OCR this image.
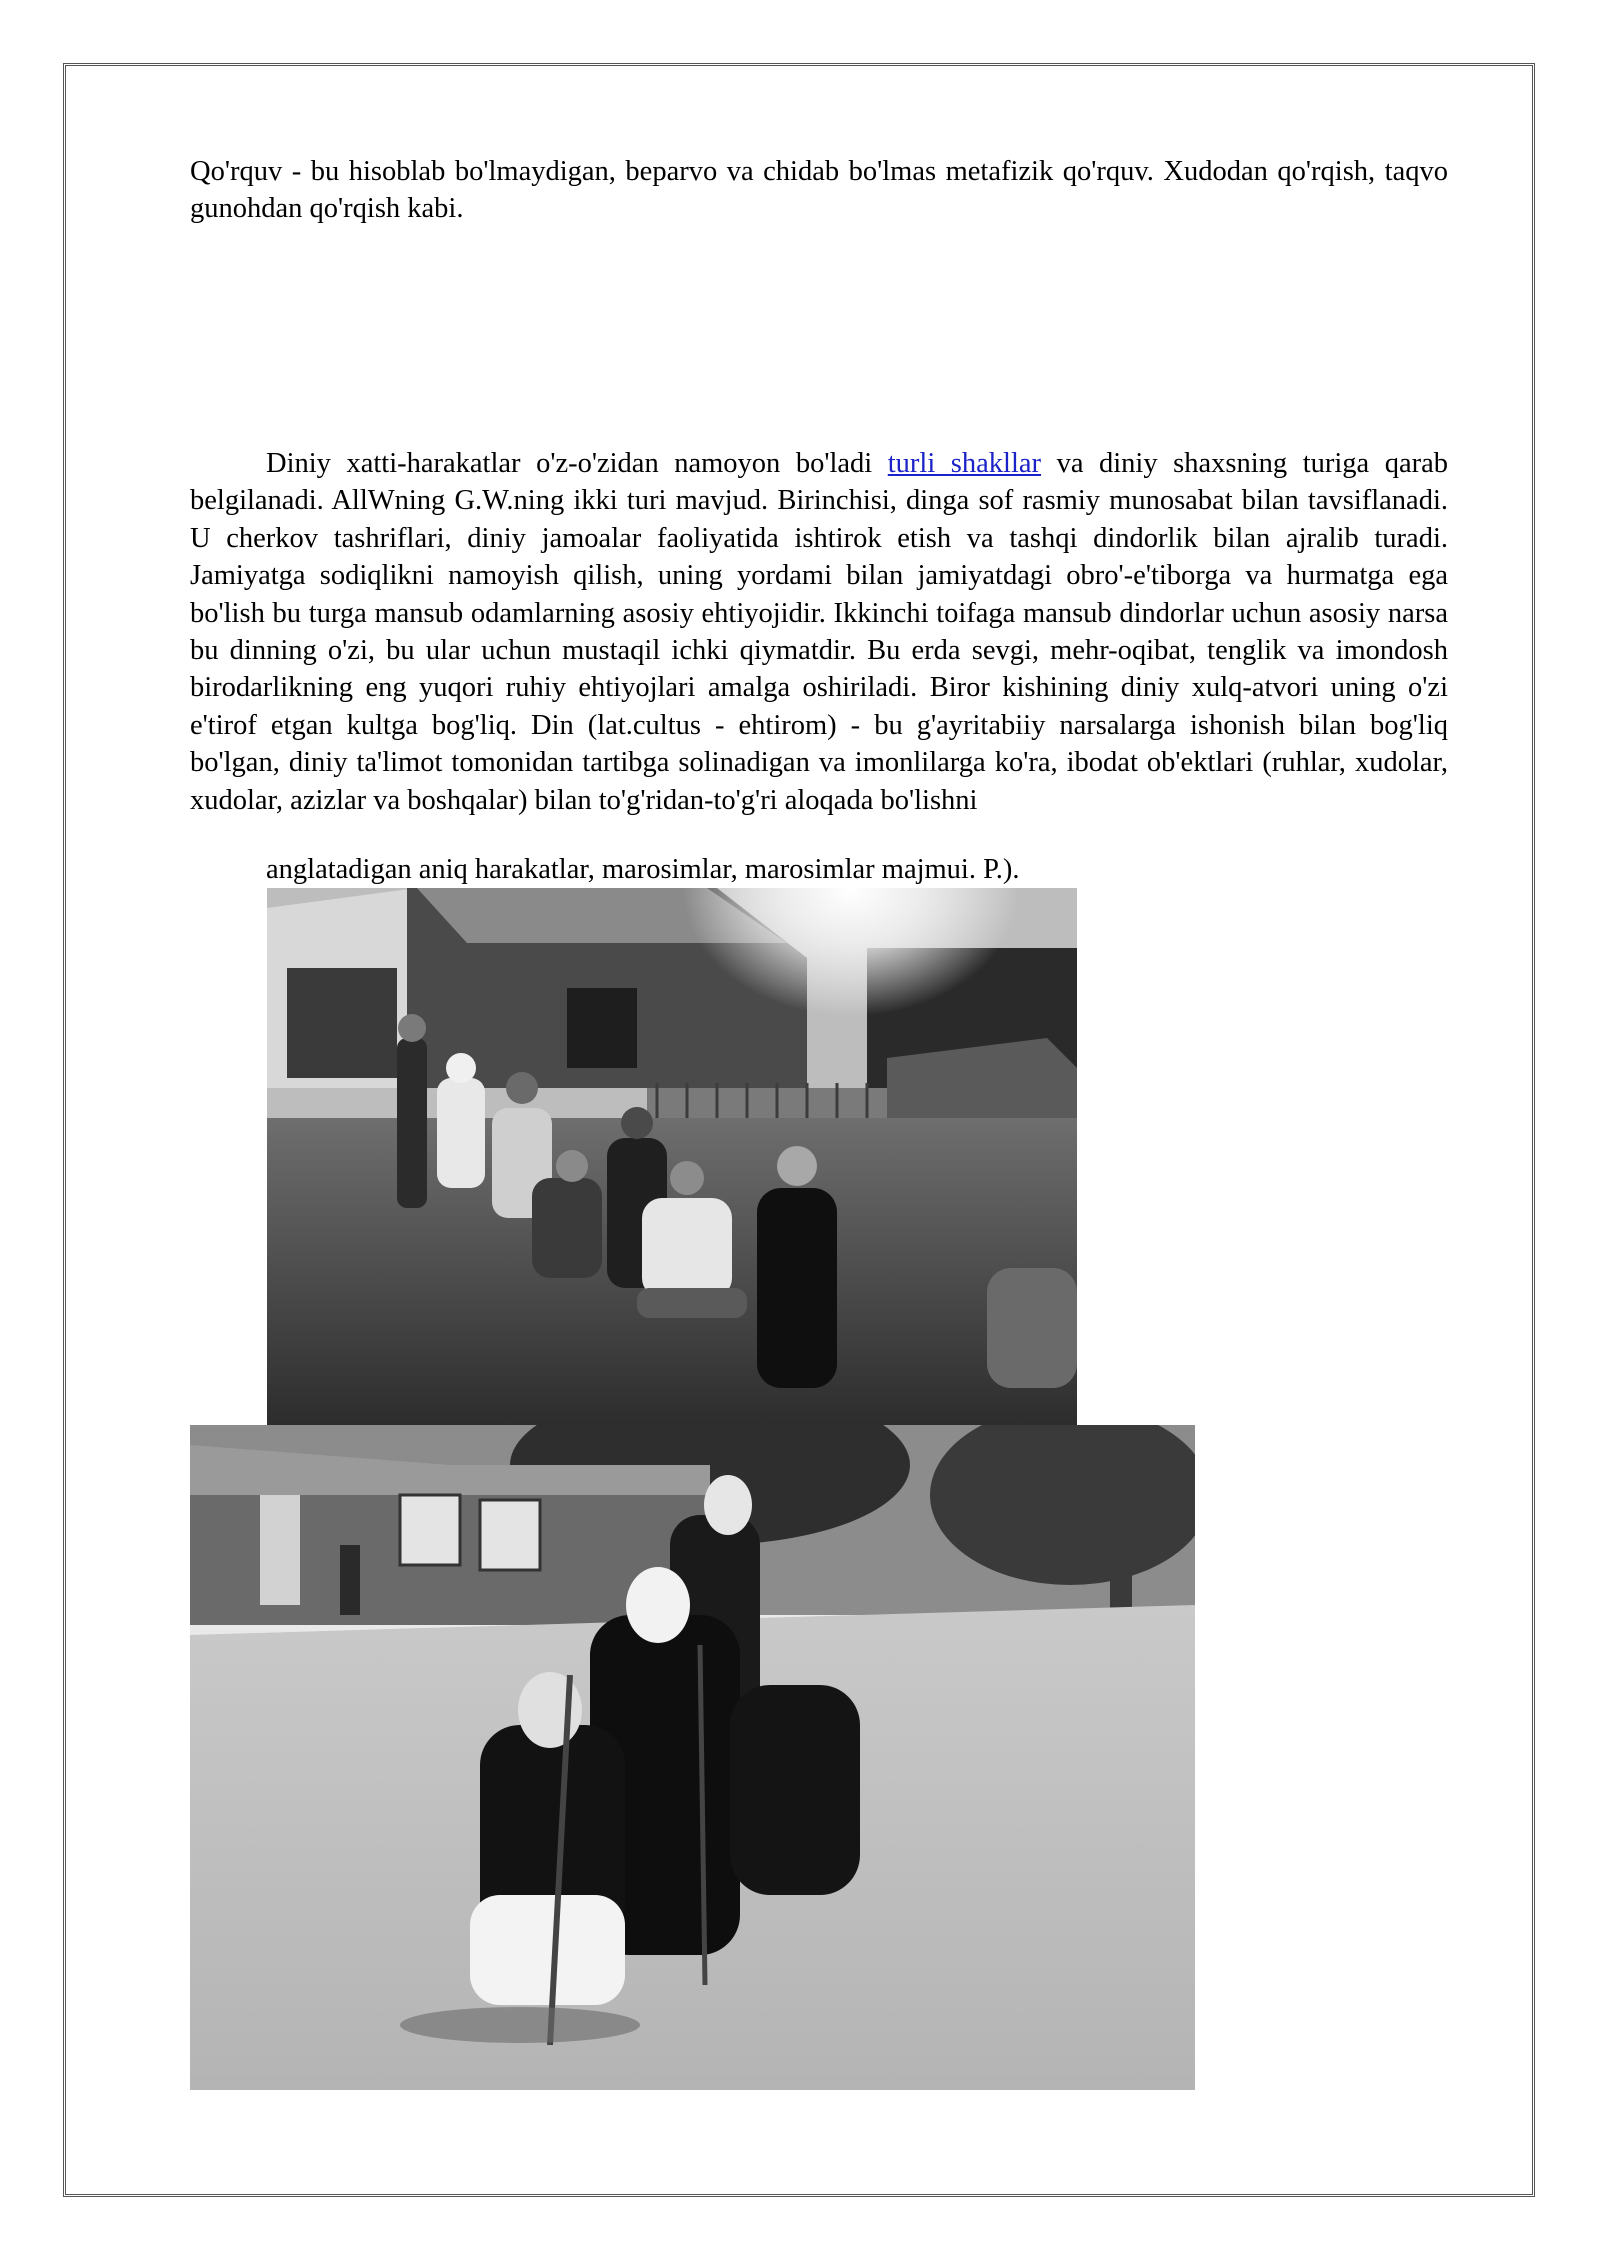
Qo'rquv - bu hisoblab bo'lmaydigan, beparvo va chidab bo'lmas metafizik qo'rquv. Xudodan qo'rqish, taqvo gunohdan qo'rqish kabi.

Diniy xatti-harakatlar o'z-o'zidan namoyon bo'ladi turli shakllar va diniy shaxsning turiga qarab belgilanadi. AllWning G.W.ning ikki turi mavjud. Birinchisi, dinga sof rasmiy munosabat bilan tavsiflanadi. U cherkov tashriflari, diniy jamoalar faoliyatida ishtirok etish va tashqi dindorlik bilan ajralib turadi. Jamiyatga sodiqlikni namoyish qilish, uning yordami bilan jamiyatdagi obro'-e'tiborga va hurmatga ega bo'lish bu turga mansub odamlarning asosiy ehtiyojidir. Ikkinchi toifaga mansub dindorlar uchun asosiy narsa bu dinning o'zi, bu ular uchun mustaqil ichki qiymatdir. Bu erda sevgi, mehr-oqibat, tenglik va imondosh birodarlikning eng yuqori ruhiy ehtiyojlari amalga oshiriladi. Biror kishining diniy xulq-atvori uning o'zi e'tirof etgan kultga bog'liq. Din (lat.cultus - ehtirom) - bu g'ayritabiiy narsalarga ishonish bilan bog'liq bo'lgan, diniy ta'limot tomonidan tartibga solinadigan va imonlilarga ko'ra, ibodat ob'ektlari (ruhlar, xudolar, xudolar, azizlar va boshqalar) bilan to'g'ridan-to'g'ri aloqada bo'lishni

anglatadigan aniq harakatlar, marosimlar, marosimlar majmui. P.).
